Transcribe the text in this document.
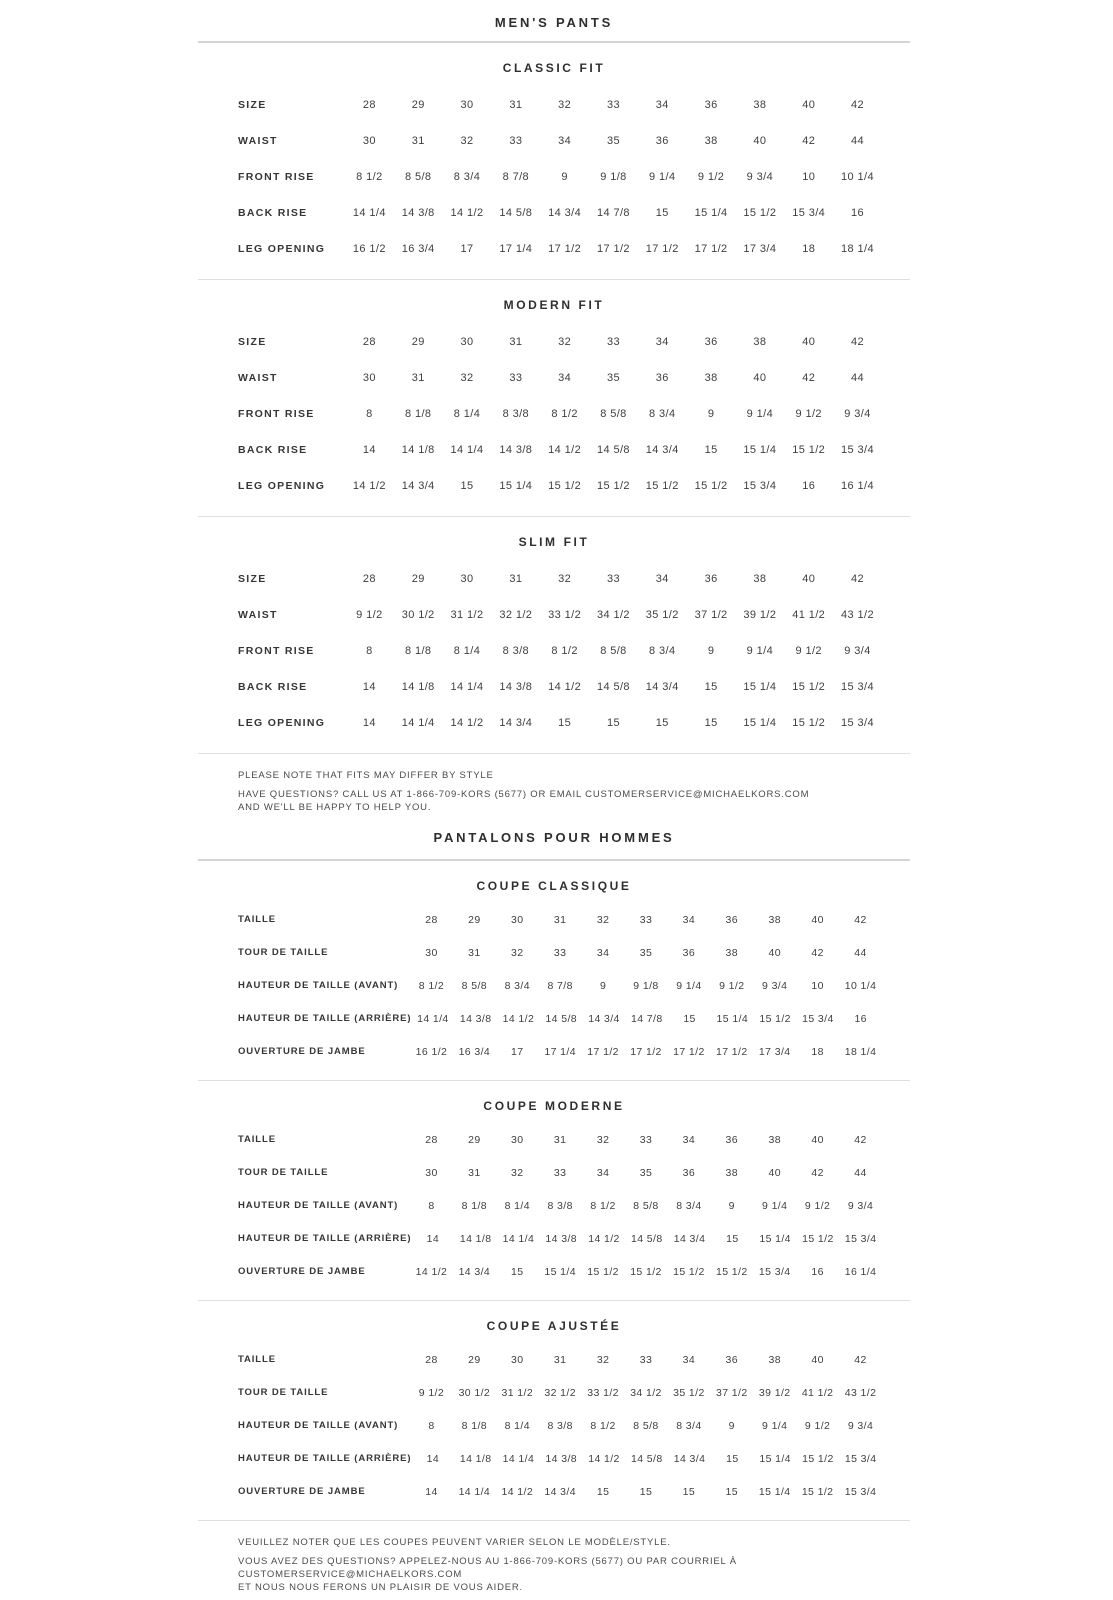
MEN'S PANTS
CLASSIC FIT
SIZE	28	29	30	31	32	33	34	36	38	40	42
WAIST	30	31	32	33	34	35	36	38	40	42	44
FRONT RISE	8 1/2	8 5/8	8 3/4	8 7/8	9	9 1/8	9 1/4	9 1/2	9 3/4	10	10 1/4
BACK RISE	14 1/4	14 3/8	14 1/2	14 5/8	14 3/4	14 7/8	15	15 1/4	15 1/2	15 3/4	16
LEG OPENING	16 1/2	16 3/4	17	17 1/4	17 1/2	17 1/2	17 1/2	17 1/2	17 3/4	18	18 1/4
MODERN FIT
SIZE	28	29	30	31	32	33	34	36	38	40	42
WAIST	30	31	32	33	34	35	36	38	40	42	44
FRONT RISE	8	8 1/8	8 1/4	8 3/8	8 1/2	8 5/8	8 3/4	9	9 1/4	9 1/2	9 3/4
BACK RISE	14	14 1/8	14 1/4	14 3/8	14 1/2	14 5/8	14 3/4	15	15 1/4	15 1/2	15 3/4
LEG OPENING	14 1/2	14 3/4	15	15 1/4	15 1/2	15 1/2	15 1/2	15 1/2	15 3/4	16	16 1/4
SLIM FIT
SIZE	28	29	30	31	32	33	34	36	38	40	42
WAIST	9 1/2	30 1/2	31 1/2	32 1/2	33 1/2	34 1/2	35 1/2	37 1/2	39 1/2	41 1/2	43 1/2
FRONT RISE	8	8 1/8	8 1/4	8 3/8	8 1/2	8 5/8	8 3/4	9	9 1/4	9 1/2	9 3/4
BACK RISE	14	14 1/8	14 1/4	14 3/8	14 1/2	14 5/8	14 3/4	15	15 1/4	15 1/2	15 3/4
LEG OPENING	14	14 1/4	14 1/2	14 3/4	15	15	15	15	15 1/4	15 1/2	15 3/4

PLEASE NOTE THAT FITS MAY DIFFER BY STYLE

HAVE QUESTIONS? CALL US AT 1-866-709-KORS (5677) OR EMAIL CUSTOMERSERVICE@MICHAELKORS.COM
AND WE'LL BE HAPPY TO HELP YOU.

PANTALONS POUR HOMMES
COUPE CLASSIQUE
TAILLE	28	29	30	31	32	33	34	36	38	40	42
TOUR DE TAILLE	30	31	32	33	34	35	36	38	40	42	44
HAUTEUR DE TAILLE (AVANT)	8 1/2	8 5/8	8 3/4	8 7/8	9	9 1/8	9 1/4	9 1/2	9 3/4	10	10 1/4
HAUTEUR DE TAILLE (ARRIÈRE) 14 1/4	14 3/8	14 1/2	14 5/8	14 3/4	14 7/8	15	15 1/4	15 1/2	15 3/4	16
OUVERTURE DE JAMBE	16 1/2	16 3/4	17	17 1/4	17 1/2	17 1/2	17 1/2	17 1/2	17 3/4	18	18 1/4
COUPE MODERNE
TAILLE	28	29	30	31	32	33	34	36	38	40	42
TOUR DE TAILLE	30	31	32	33	34	35	36	38	40	42	44
HAUTEUR DE TAILLE (AVANT)	8	8 1/8	8 1/4	8 3/8	8 1/2	8 5/8	8 3/4	9	9 1/4	9 1/2	9 3/4
HAUTEUR DE TAILLE (ARRIÈRE)	14	14 1/8	14 1/4	14 3/8	14 1/2	14 5/8	14 3/4	15	15 1/4	15 1/2	15 3/4
OUVERTURE DE JAMBE	14 1/2	14 3/4	15	15 1/4	15 1/2	15 1/2	15 1/2	15 1/2	15 3/4	16	16 1/4
COUPE AJUSTÉE
TAILLE	28	29	30	31	32	33	34	36	38	40	42
TOUR DE TAILLE	9 1/2	30 1/2	31 1/2	32 1/2	33 1/2	34 1/2	35 1/2	37 1/2	39 1/2	41 1/2	43 1/2
HAUTEUR DE TAILLE (AVANT)	8	8 1/8	8 1/4	8 3/8	8 1/2	8 5/8	8 3/4	9	9 1/4	9 1/2	9 3/4
HAUTEUR DE TAILLE (ARRIÈRE)	14	14 1/8	14 1/4	14 3/8	14 1/2	14 5/8	14 3/4	15	15 1/4	15 1/2	15 3/4
OUVERTURE DE JAMBE	14	14 1/4	14 1/2	14 3/4	15	15	15	15	15 1/4	15 1/2	15 3/4

VEUILLEZ NOTER QUE LES COUPES PEUVENT VARIER SELON LE MODÈLE/STYLE.

VOUS AVEZ DES QUESTIONS? APPELEZ-NOUS AU 1-866-709-KORS (5677) OU PAR COURRIEL À CUSTOMERSERVICE@MICHAELKORS.COM
ET NOUS NOUS FERONS UN PLAISIR DE VOUS AIDER.
